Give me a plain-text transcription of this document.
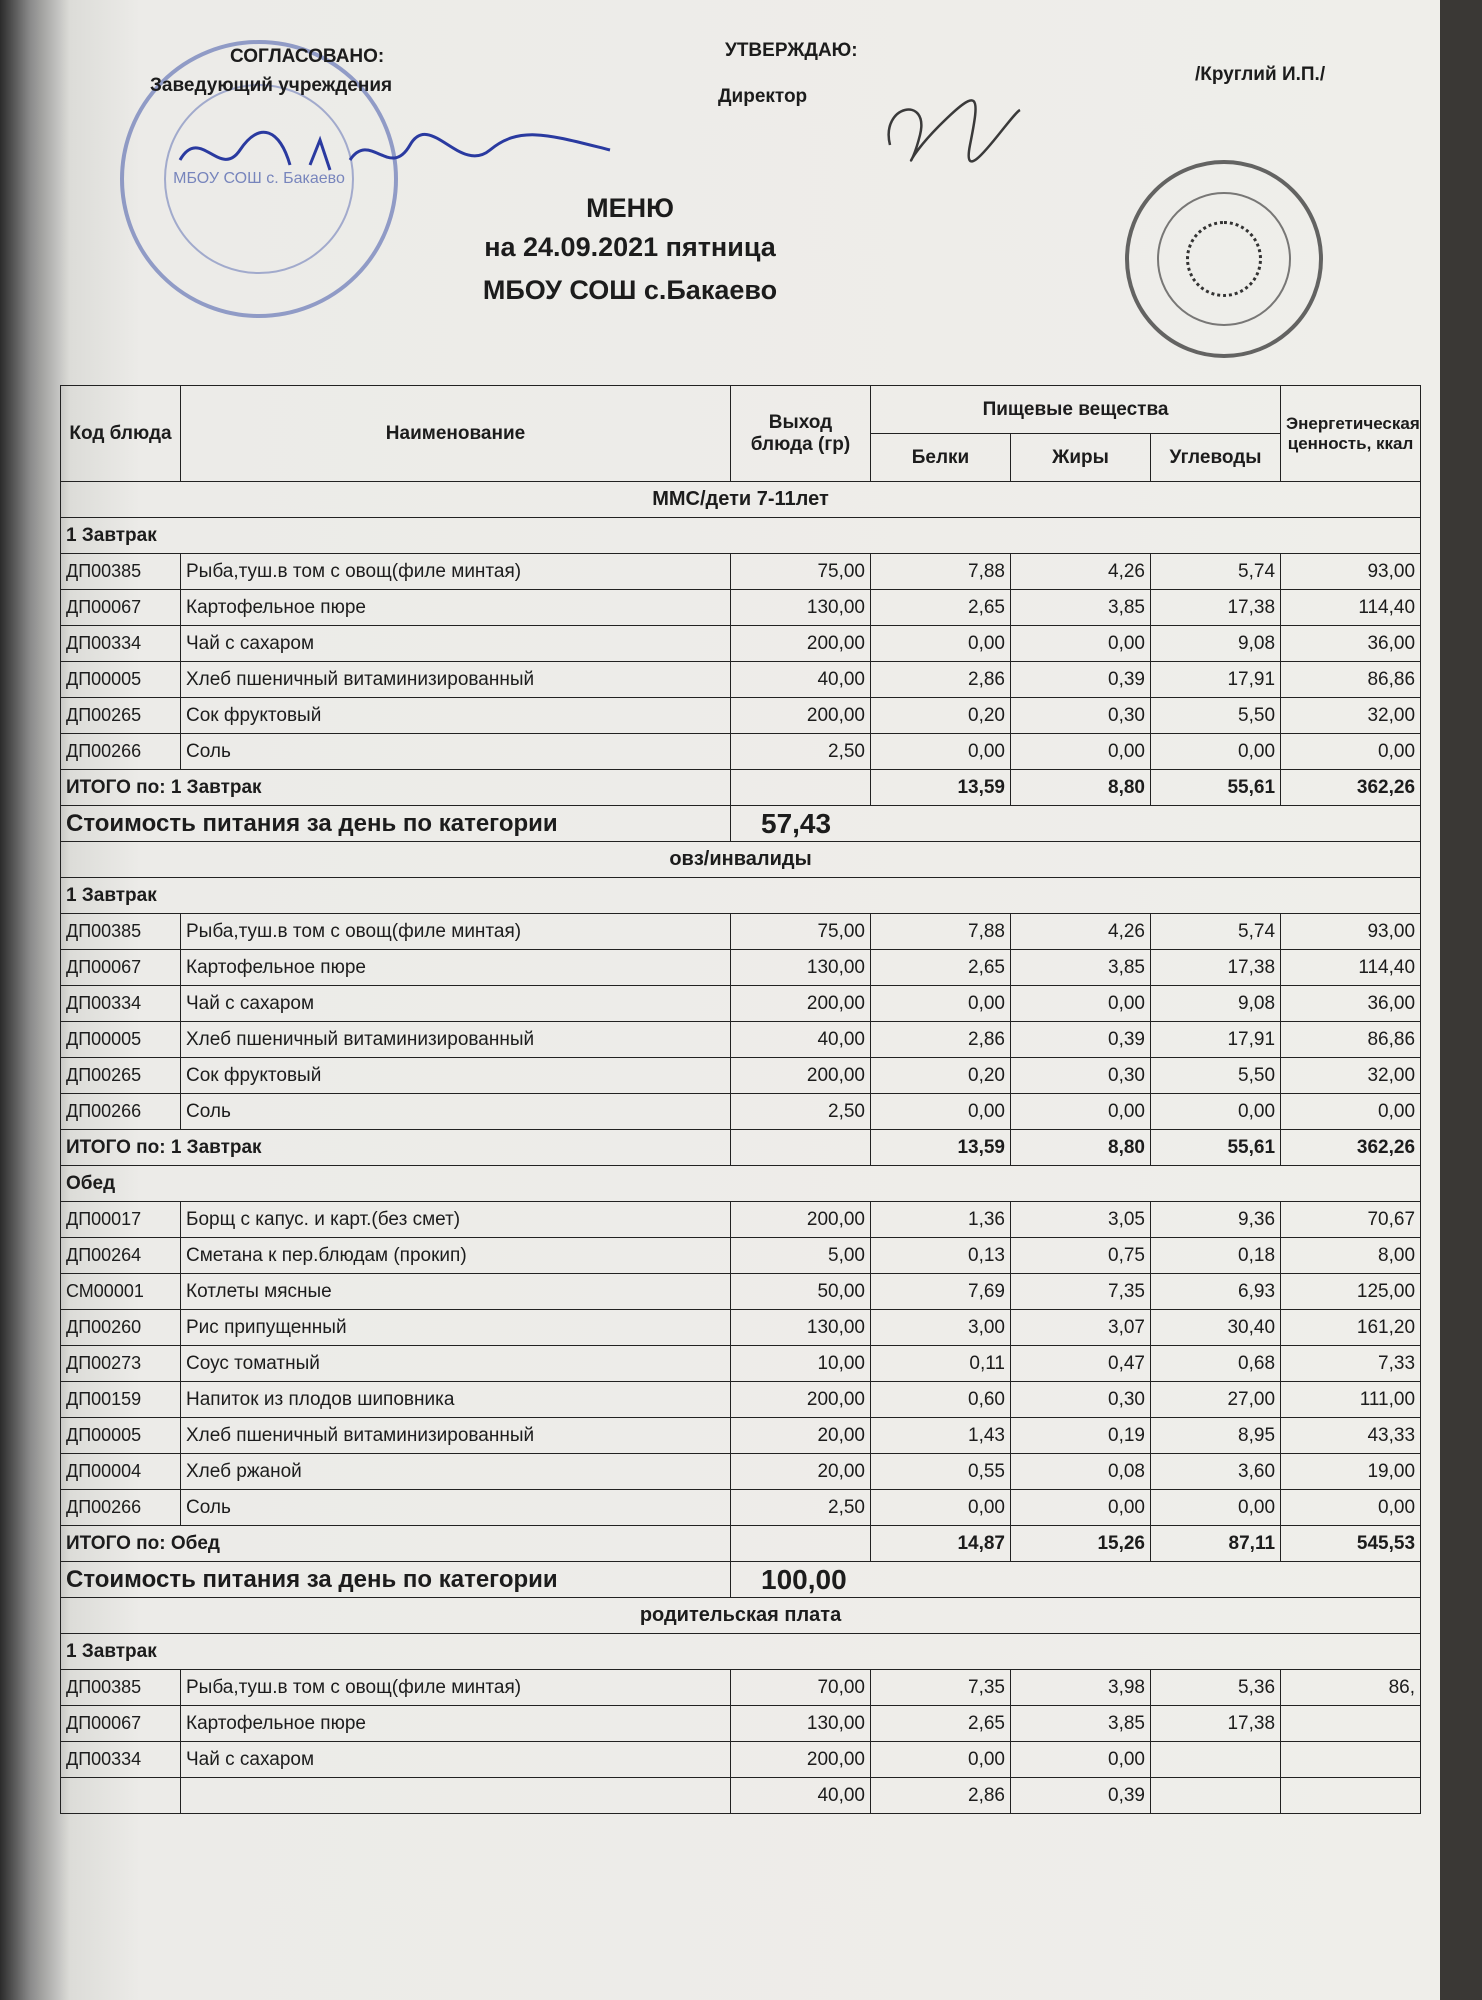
МБОУ СОШ с. Бакаево
СОГЛАСОВАНО:
Заведующий учреждения
УТВЕРЖДАЮ:
Директор
/Круглий И.П./
МЕНЮ
на 24.09.2021 пятница
МБОУ СОШ с.Бакаево
Код блюда	Наименование	Выход блюда (гр)	Пищевые вещества			Энергетическая ценность, ккал
			Белки	Жиры	Углеводы	
ММС/дети 7-11лет						
1 Завтрак						
ДП00385	Рыба,туш.в том с овощ(филе минтая)	75,00	7,88	4,26	5,74	93,00
ДП00067	Картофельное пюре	130,00	2,65	3,85	17,38	114,40
ДП00334	Чай с сахаром	200,00	0,00	0,00	9,08	36,00
ДП00005	Хлеб пшеничный витаминизированный	40,00	2,86	0,39	17,91	86,86
ДП00265	Сок фруктовый	200,00	0,20	0,30	5,50	32,00
ДП00266	Соль	2,50	0,00	0,00	0,00	0,00
ИТОГО по: 1 Завтрак			13,59	8,80	55,61	362,26
Стоимость питания за день по категории		57,43				
овз/инвалиды						
1 Завтрак						
ДП00385	Рыба,туш.в том с овощ(филе минтая)	75,00	7,88	4,26	5,74	93,00
ДП00067	Картофельное пюре	130,00	2,65	3,85	17,38	114,40
ДП00334	Чай с сахаром	200,00	0,00	0,00	9,08	36,00
ДП00005	Хлеб пшеничный витаминизированный	40,00	2,86	0,39	17,91	86,86
ДП00265	Сок фруктовый	200,00	0,20	0,30	5,50	32,00
ДП00266	Соль	2,50	0,00	0,00	0,00	0,00
ИТОГО по: 1 Завтрак			13,59	8,80	55,61	362,26
Обед						
ДП00017	Борщ с капус. и карт.(без смет)	200,00	1,36	3,05	9,36	70,67
ДП00264	Сметана к пер.блюдам (прокип)	5,00	0,13	0,75	0,18	8,00
СМ00001	Котлеты мясные	50,00	7,69	7,35	6,93	125,00
ДП00260	Рис припущенный	130,00	3,00	3,07	30,40	161,20
ДП00273	Соус томатный	10,00	0,11	0,47	0,68	7,33
ДП00159	Напиток из плодов шиповника	200,00	0,60	0,30	27,00	111,00
ДП00005	Хлеб пшеничный витаминизированный	20,00	1,43	0,19	8,95	43,33
ДП00004	Хлеб ржаной	20,00	0,55	0,08	3,60	19,00
ДП00266	Соль	2,50	0,00	0,00	0,00	0,00
ИТОГО по: Обед			14,87	15,26	87,11	545,53
Стоимость питания за день по категории		100,00				
родительская плата						
1 Завтрак						
ДП00385	Рыба,туш.в том с овощ(филе минтая)	70,00	7,35	3,98	5,36	86,
ДП00067	Картофельное пюре	130,00	2,65	3,85	17,38	
ДП00334	Чай с сахаром	200,00	0,00	0,00		
		40,00	2,86	0,39		
